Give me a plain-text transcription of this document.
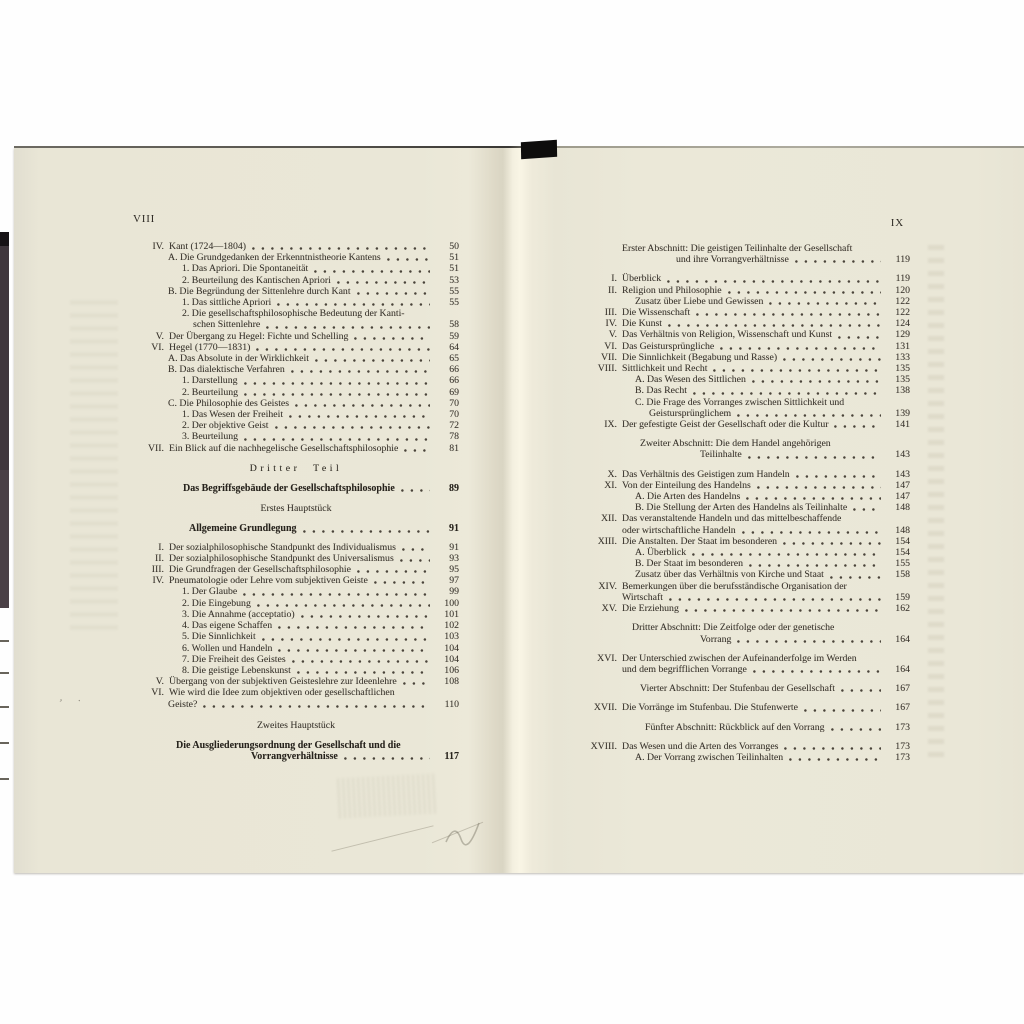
VIII
IV. Kant (1724—1804)	50
A. Die Grundgedanken der Erkenntnistheorie Kantens	51
1. Das Apriori. Die Spontaneität	51
2. Beurteilung des Kantischen Apriori	53
B. Die Begründung der Sittenlehre durch Kant	55
1. Das sittliche Apriori	55
2. Die gesellschaftsphilosophische Bedeutung der Kanti-
schen Sittenlehre	58
V. Der Übergang zu Hegel: Fichte und Schelling	59
VI. Hegel (1770—1831)	64
A. Das Absolute in der Wirklichkeit	65
B. Das dialektische Verfahren	66
1. Darstellung	66
2. Beurteilung	69
C. Die Philosophie des Geistes	70
1. Das Wesen der Freiheit	70
2. Der objektive Geist	72
3. Beurteilung	78
VII. Ein Blick auf die nachhegelische Gesellschaftsphilosophie	81
Dritter Teil
Das Begriffsgebäude der Gesellschaftsphilosophie	89
Erstes Hauptstück
Allgemeine Grundlegung	91
I. Der sozialphilosophische Standpunkt des Individualismus	91
II. Der sozialphilosophische Standpunkt des Universalismus	93
III. Die Grundfragen der Gesellschaftsphilosophie	95
IV. Pneumatologie oder Lehre vom subjektiven Geiste	97
1. Der Glaube	99
2. Die Eingebung	100
3. Die Annahme (acceptatio)	101
4. Das eigene Schaffen	102
5. Die Sinnlichkeit	103
6. Wollen und Handeln	104
7. Die Freiheit des Geistes	104
8. Die geistige Lebenskunst	106
V. Übergang von der subjektiven Geisteslehre zur Ideenlehre	108
VI. Wie wird die Idee zum objektiven oder gesellschaftlichen
Geiste?	110
Zweites Hauptstück
Die Ausgliederungsordnung der Gesellschaft und die
Vorrangverhältnisse	117
IX
Erster Abschnitt: Die geistigen Teilinhalte der Gesellschaft
und ihre Vorrangverhältnisse	119
I. Überblick	119
II. Religion und Philosophie	120
Zusatz über Liebe und Gewissen	122
III. Die Wissenschaft	122
IV. Die Kunst	124
V. Das Verhältnis von Religion, Wissenschaft und Kunst	129
VI. Das Geistursprüngliche	131
VII. Die Sinnlichkeit (Begabung und Rasse)	133
VIII. Sittlichkeit und Recht	135
A. Das Wesen des Sittlichen	135
B. Das Recht	138
C. Die Frage des Vorranges zwischen Sittlichkeit und
Geistursprünglichem	139
IX. Der gefestigte Geist der Gesellschaft oder die Kultur	141
Zweiter Abschnitt: Die dem Handel angehörigen
Teilinhalte	143
X. Das Verhältnis des Geistigen zum Handeln	143
XI. Von der Einteilung des Handelns	147
A. Die Arten des Handelns	147
B. Die Stellung der Arten des Handelns als Teilinhalte	148
XII. Das veranstaltende Handeln und das mittelbeschaffende
oder wirtschaftliche Handeln	148
XIII. Die Anstalten. Der Staat im besonderen	154
A. Überblick	154
B. Der Staat im besonderen	155
Zusatz über das Verhältnis von Kirche und Staat	158
XIV. Bemerkungen über die berufsständische Organisation der
Wirtschaft	159
XV. Die Erziehung	162
Dritter Abschnitt: Die Zeitfolge oder der genetische
Vorrang	164
XVI. Der Unterschied zwischen der Aufeinanderfolge im Werden
und dem begrifflichen Vorrange	164
Vierter Abschnitt: Der Stufenbau der Gesellschaft	167
XVII. Die Vorränge im Stufenbau. Die Stufenwerte	167
Fünfter Abschnitt: Rückblick auf den Vorrang	173
XVIII. Das Wesen und die Arten des Vorranges	173
A. Der Vorrang zwischen Teilinhalten	173
, ·
